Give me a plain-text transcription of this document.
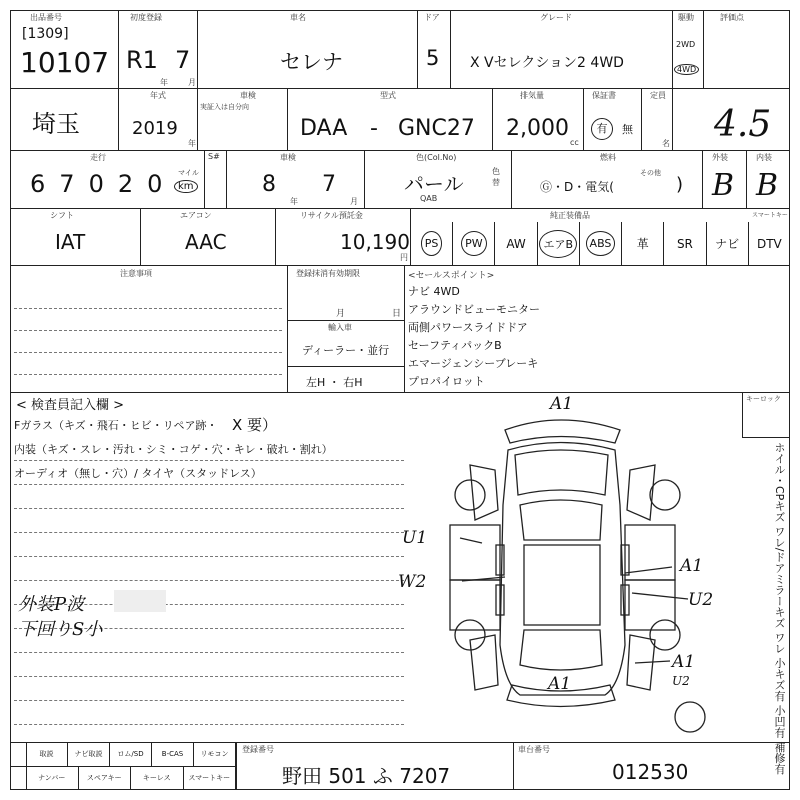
出品番号
[1309]
10107
初度登録
R1 7
年	月
車名
セレナ
ドア
5
グレード
X Vセレクション2 4WD
駆動
2WD
4WD
評価点
4.5
埼玉
年式
2019
年
車検
実証入は自分向
型式
DAA - GNC27
排気量
2,000
cc
保証書
有	無
定員
名
走行
67020 マイル
km
S#	車検
8
年
7
月
色(Col.No)
パール
QAB
色替
燃料
Ⓖ・D・電気(
その他
)
外装
B
内装
B
シフト
IAT
エアコン
AAC
リサイクル預託金
10,190
円
純正装備品	スマートキー
PS	PW	AW	エアB	ABS	革 SR ナビ DTV
注意事項	登録抹消有効期限
月	日
輸入車
ディーラー・並行
左H ・ 右H
<セールスポイント>
ナビ 4WD
アラウンドビューモニター
両側パワースライドドア
セーフティパックB
エマージェンシーブレーキ
プロパイロット
< 検査員記入欄 >
Fガラス（キズ・飛石・ヒビ・リペア跡・ X 要）
内装（キズ・スレ・汚れ・シミ・コゲ・穴・キレ・破れ・割れ）
オーディオ（無し・穴）/ タイヤ（スタッドレス）
外装P波
下回りS小
キーロック
ホイル・CPキズ ワレ/ドアミラーキズ ワレ 小キズ有 小凹有 補修有
A1
U1
W2
A1
U2
A1
A1	U2
取説	ナビ取説	ロム/SD	B-CAS	リモコン
ナンバー	スペアキー	キーレス	スマートキー
登録番号
野田 501 ふ 7207
車台番号
012530
